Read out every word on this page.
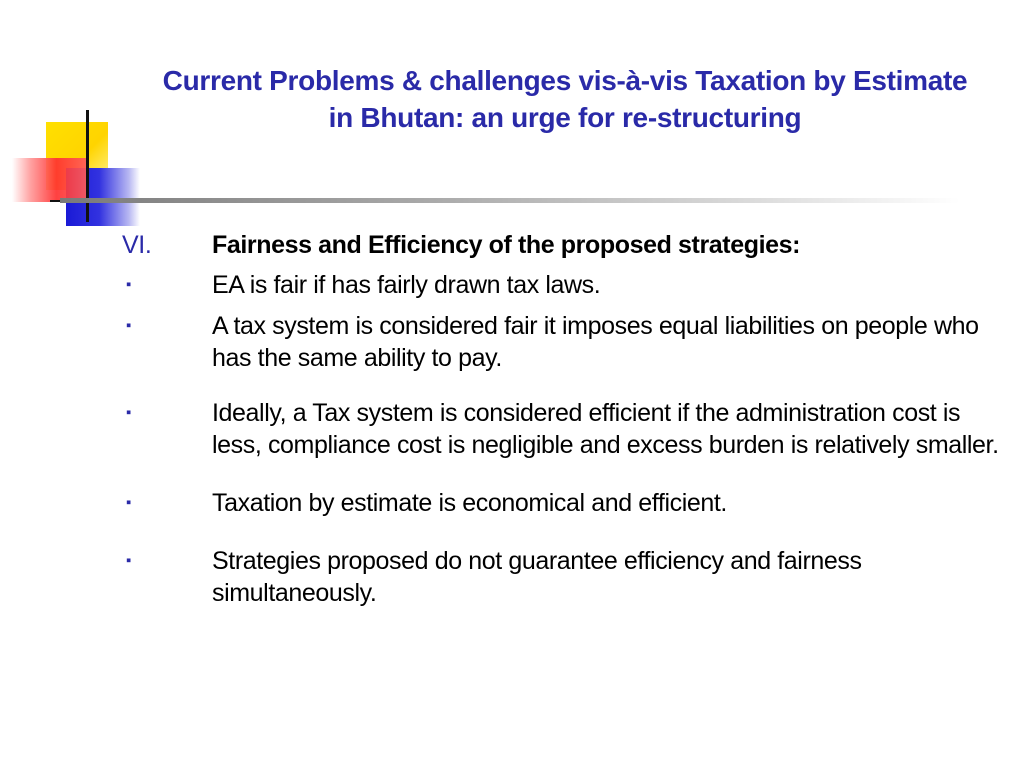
Current Problems & challenges vis-à-vis Taxation by Estimate
in Bhutan: an urge for re-structuring
VI.	Fairness and Efficiency of the proposed strategies:
▪	EA is fair if has fairly drawn tax laws.
▪	A tax system is considered fair it imposes equal liabilities on people who has the same ability to pay.
▪	Ideally, a Tax system is considered efficient if the administration cost is less, compliance cost is negligible and excess burden is relatively smaller.
▪	Taxation by estimate is economical and efficient.
▪	Strategies proposed do not guarantee efficiency and fairness simultaneously.
